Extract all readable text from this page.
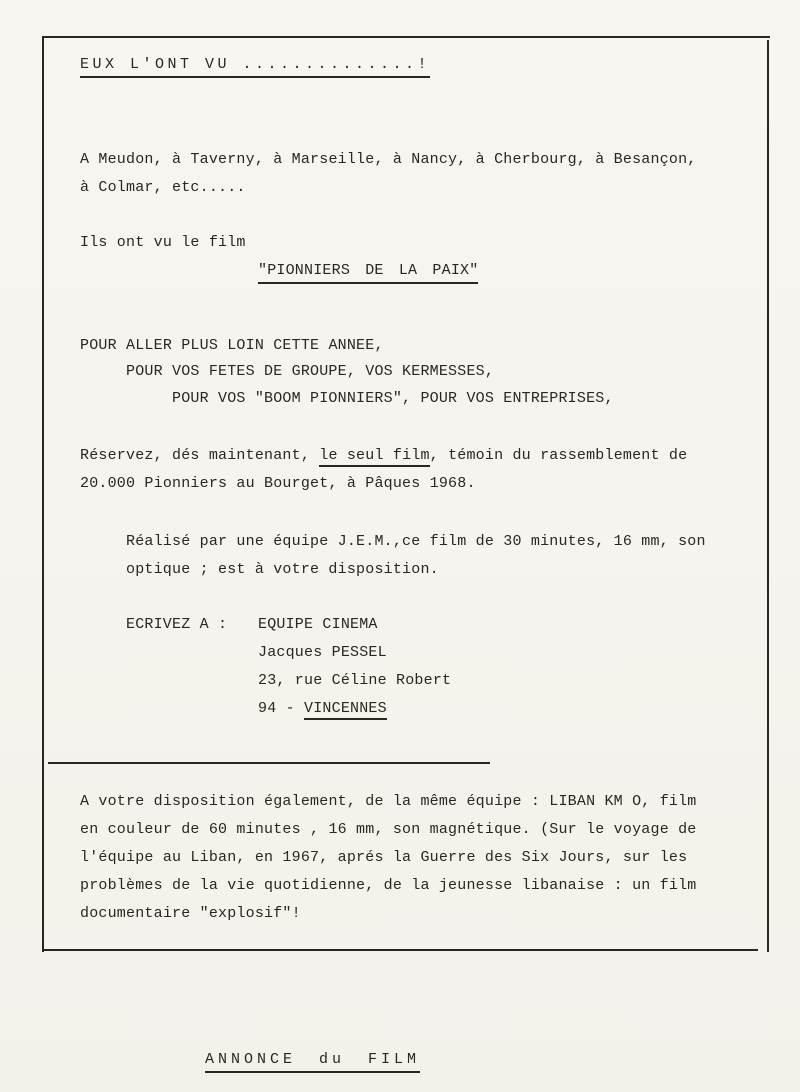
EUX L'ONT VU ..............!
A Meudon, à Taverny, à Marseille, à Nancy, à Cherbourg, à Besançon,
à Colmar, etc.....
Ils ont vu le film
"PIONNIERS DE LA PAIX"
POUR ALLER PLUS LOIN CETTE ANNEE,
POUR VOS FETES DE GROUPE, VOS KERMESSES,
POUR VOS "BOOM PIONNIERS", POUR VOS ENTREPRISES,
Réservez, dés maintenant, le seul film, témoin du rassemblement de
20.000 Pionniers au Bourget, à Pâques 1968.
Réalisé par une équipe J.E.M.,ce film de 30 minutes, 16 mm, son
optique ; est à votre disposition.
ECRIVEZ A : EQUIPE CINEMA
Jacques PESSEL
23, rue Céline Robert
94 - VINCENNES
A votre disposition également, de la même équipe : LIBAN KM O, film
en couleur de 60 minutes , 16 mm, son magnétique. (Sur le voyage de
l'équipe au Liban, en 1967, aprés la Guerre des Six Jours, sur les
problèmes de la vie quotidienne, de la jeunesse libanaise : un film
documentaire "explosif"!
ANNONCE du FILM
